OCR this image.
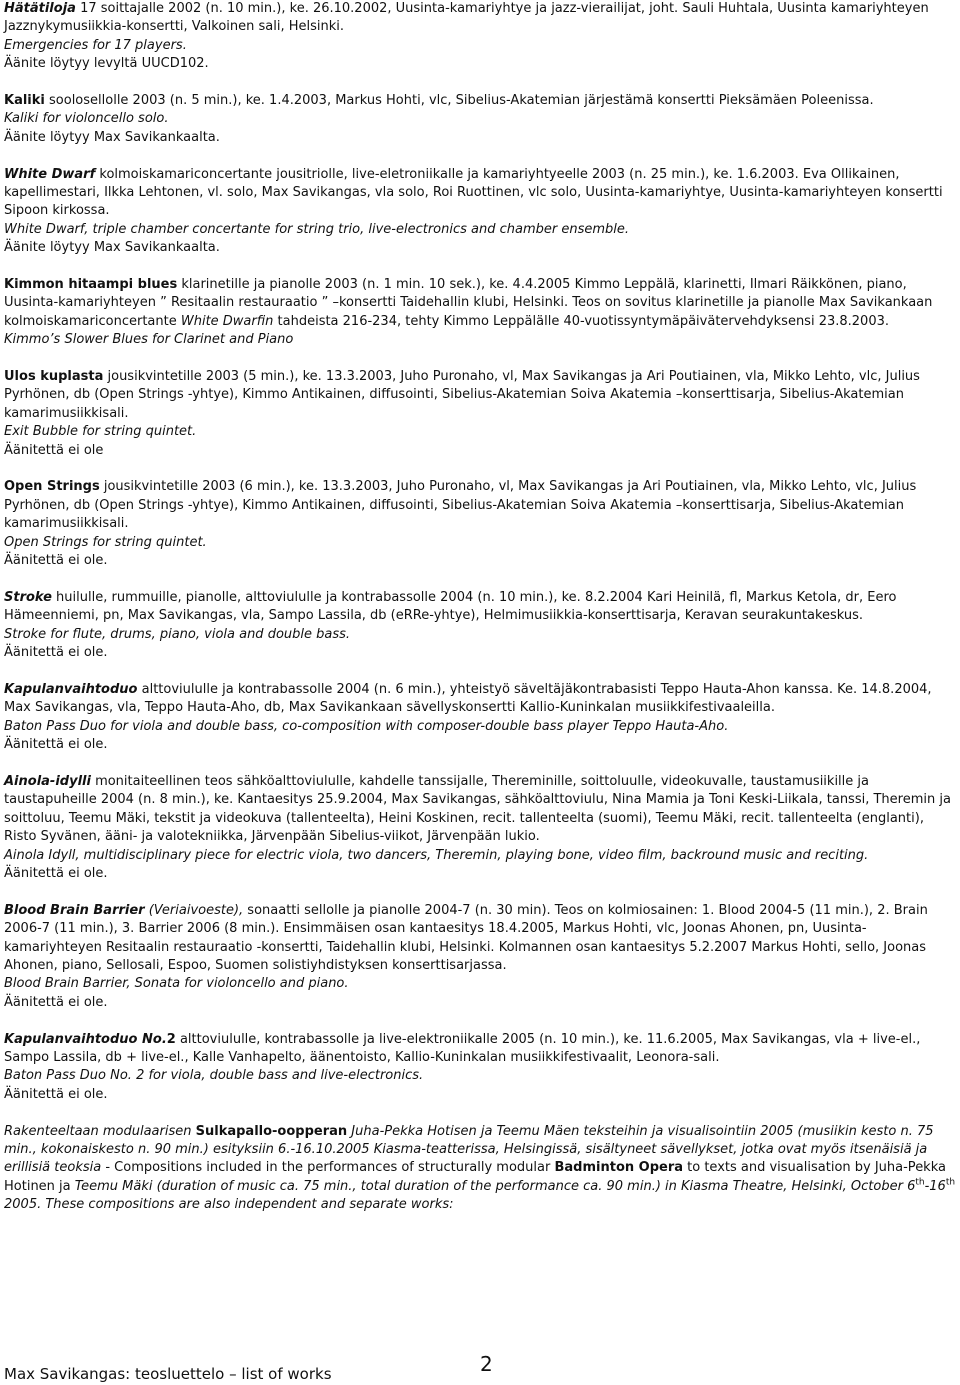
Hätätiloja 17 soittajalle 2002 (n. 10 min.), ke. 26.10.2002, Uusinta-kamariyhtye ja jazz-vierailijat, joht. Sauli Huhtala, Uusinta kamariyhteyen Jazznykymusiikkia-konsertti, Valkoinen sali, Helsinki.
Emergencies for 17 players.
Äänite löytyy levyltä UUCD102.
Kaliki soolosellolle 2003 (n. 5 min.), ke. 1.4.2003, Markus Hohti, vlc, Sibelius-Akatemian järjestämä konsertti Pieksämäen Poleenissa.
Kaliki for violoncello solo.
Äänite löytyy Max Savikankaalta.
White Dwarf kolmoiskamariconcertante jousitriolle, live-eletroniikalle ja kamariyhtyeelle 2003 (n. 25 min.), ke. 1.6.2003. Eva Ollikainen, kapellimestari, Ilkka Lehtonen, vl. solo, Max Savikangas, vla solo, Roi Ruottinen, vlc solo, Uusinta-kamariyhtye, Uusinta-kamariyhteyen konsertti Sipoon kirkossa.
White Dwarf, triple chamber concertante for string trio, live-electronics and chamber ensemble.
Äänite löytyy Max Savikankaalta.
Kimmon hitaampi blues klarinetille ja pianolle 2003 (n. 1 min. 10 sek.), ke. 4.4.2005 Kimmo Leppälä, klarinetti, Ilmari Räikkönen, piano, Uusinta-kamariyhteyen ” Resitaalin restauraatio ” –konsertti Taidehallin klubi, Helsinki. Teos on sovitus klarinetille ja pianolle Max Savikankaan kolmoiskamariconcertante White Dwarfin tahdeista 216-234, tehty Kimmo Leppälälle 40-vuotissyntymäpäivätervehdyksensi 23.8.2003.
Kimmo’s Slower Blues for Clarinet and Piano
Ulos kuplasta jousikvintetille 2003 (5 min.), ke. 13.3.2003, Juho Puronaho, vl, Max Savikangas ja Ari Poutiainen, vla, Mikko Lehto, vlc, Julius Pyrhönen, db (Open Strings -yhtye), Kimmo Antikainen, diffusointi, Sibelius-Akatemian Soiva Akatemia –konserttisarja, Sibelius-Akatemian kamarimusiikkisali.
Exit Bubble for string quintet.
Äänitettä ei ole
Open Strings jousikvintetille 2003 (6 min.), ke. 13.3.2003, Juho Puronaho, vl, Max Savikangas ja Ari Poutiainen, vla, Mikko Lehto, vlc, Julius Pyrhönen, db (Open Strings -yhtye), Kimmo Antikainen, diffusointi, Sibelius-Akatemian Soiva Akatemia –konserttisarja, Sibelius-Akatemian kamarimusiikkisali.
Open Strings for string quintet.
Äänitettä ei ole.
Stroke huilulle, rummuille, pianolle, alttoviululle ja kontrabassolle 2004 (n. 10 min.), ke. 8.2.2004 Kari Heinilä, fl, Markus Ketola, dr, Eero Hämeenniemi, pn, Max Savikangas, vla, Sampo Lassila, db (eRRe-yhtye), Helmimusiikkia-konserttisarja, Keravan seurakuntakeskus.
Stroke for flute, drums, piano, viola and double bass.
Äänitettä ei ole.
Kapulanvaihtoduo alttoviululle ja kontrabassolle 2004 (n. 6 min.), yhteistyö säveltäjäkontrabasisti Teppo Hauta-Ahon kanssa. Ke. 14.8.2004, Max Savikangas, vla, Teppo Hauta-Aho, db, Max Savikankaan sävellyskonsertti Kallio-Kuninkalan musiikkifestivaaleilla.
Baton Pass Duo for viola and double bass, co-composition with composer-double bass player Teppo Hauta-Aho.
Äänitettä ei ole.
Ainola-idylli monitaiteellinen teos sähköalttoviululle, kahdelle tanssijalle, Thereminille, soittoluulle, videokuvalle, taustamusiikille ja taustapuheille 2004 (n. 8 min.), ke. Kantaesitys 25.9.2004, Max Savikangas, sähköalttoviulu, Nina Mamia ja Toni Keski-Liikala, tanssi, Theremin ja soittoluu, Teemu Mäki, tekstit ja videokuva (tallenteelta), Heini Koskinen, recit. tallenteelta (suomi), Teemu Mäki, recit. tallenteelta (englanti), Risto Syvänen, ääni- ja valotekniikka, Järvenpään Sibelius-viikot, Järvenpään lukio.
Ainola Idyll, multidisciplinary piece for electric viola, two dancers, Theremin, playing bone, video film, backround music and reciting.
Äänitettä ei ole.
Blood Brain Barrier (Veriaivoeste), sonaatti sellolle ja pianolle 2004-7 (n. 30 min). Teos on kolmiosainen: 1. Blood 2004-5 (11 min.), 2. Brain 2006-7 (11 min.), 3. Barrier 2006 (8 min.). Ensimmäisen osan kantaesitys 18.4.2005, Markus Hohti, vlc, Joonas Ahonen, pn, Uusinta-kamariyhteyen Resitaalin restauraatio -konsertti, Taidehallin klubi, Helsinki. Kolmannen osan kantaesitys 5.2.2007 Markus Hohti, sello, Joonas Ahonen, piano, Sellosali, Espoo, Suomen solistiyhdistyksen konserttisarjassa.
Blood Brain Barrier, Sonata for violoncello and piano.
Äänitettä ei ole.
Kapulanvaihtoduo No.2 alttoviululle, kontrabassolle ja live-elektroniikalle 2005 (n. 10 min.), ke. 11.6.2005, Max Savikangas, vla + live-el., Sampo Lassila, db + live-el., Kalle Vanhapelto, äänentoisto, Kallio-Kuninkalan musiikkifestivaalit, Leonora-sali.
Baton Pass Duo No. 2 for viola, double bass and live-electronics.
Äänitettä ei ole.
Rakenteeltaan modulaarisen Sulkapallo-oopperan Juha-Pekka Hotisen ja Teemu Mäen teksteihin ja visualisointiin 2005 (musiikin kesto n. 75 min., kokonaiskesto n. 90 min.) esityksiin 6.-16.10.2005 Kiasma-teatterissa, Helsingissä, sisältyneet sävellykset, jotka ovat myös itsenäisiä ja erillisiä teoksia - Compositions included in the performances of structurally modular Badminton Opera to texts and visualisation by Juha-Pekka Hotinen ja Teemu Mäki (duration of music ca. 75 min., total duration of the performance ca. 90 min.) in Kiasma Theatre, Helsinki, October 6th-16th 2005. These compositions are also independent and separate works:
Max Savikangas: teosluettelo – list of works	2
